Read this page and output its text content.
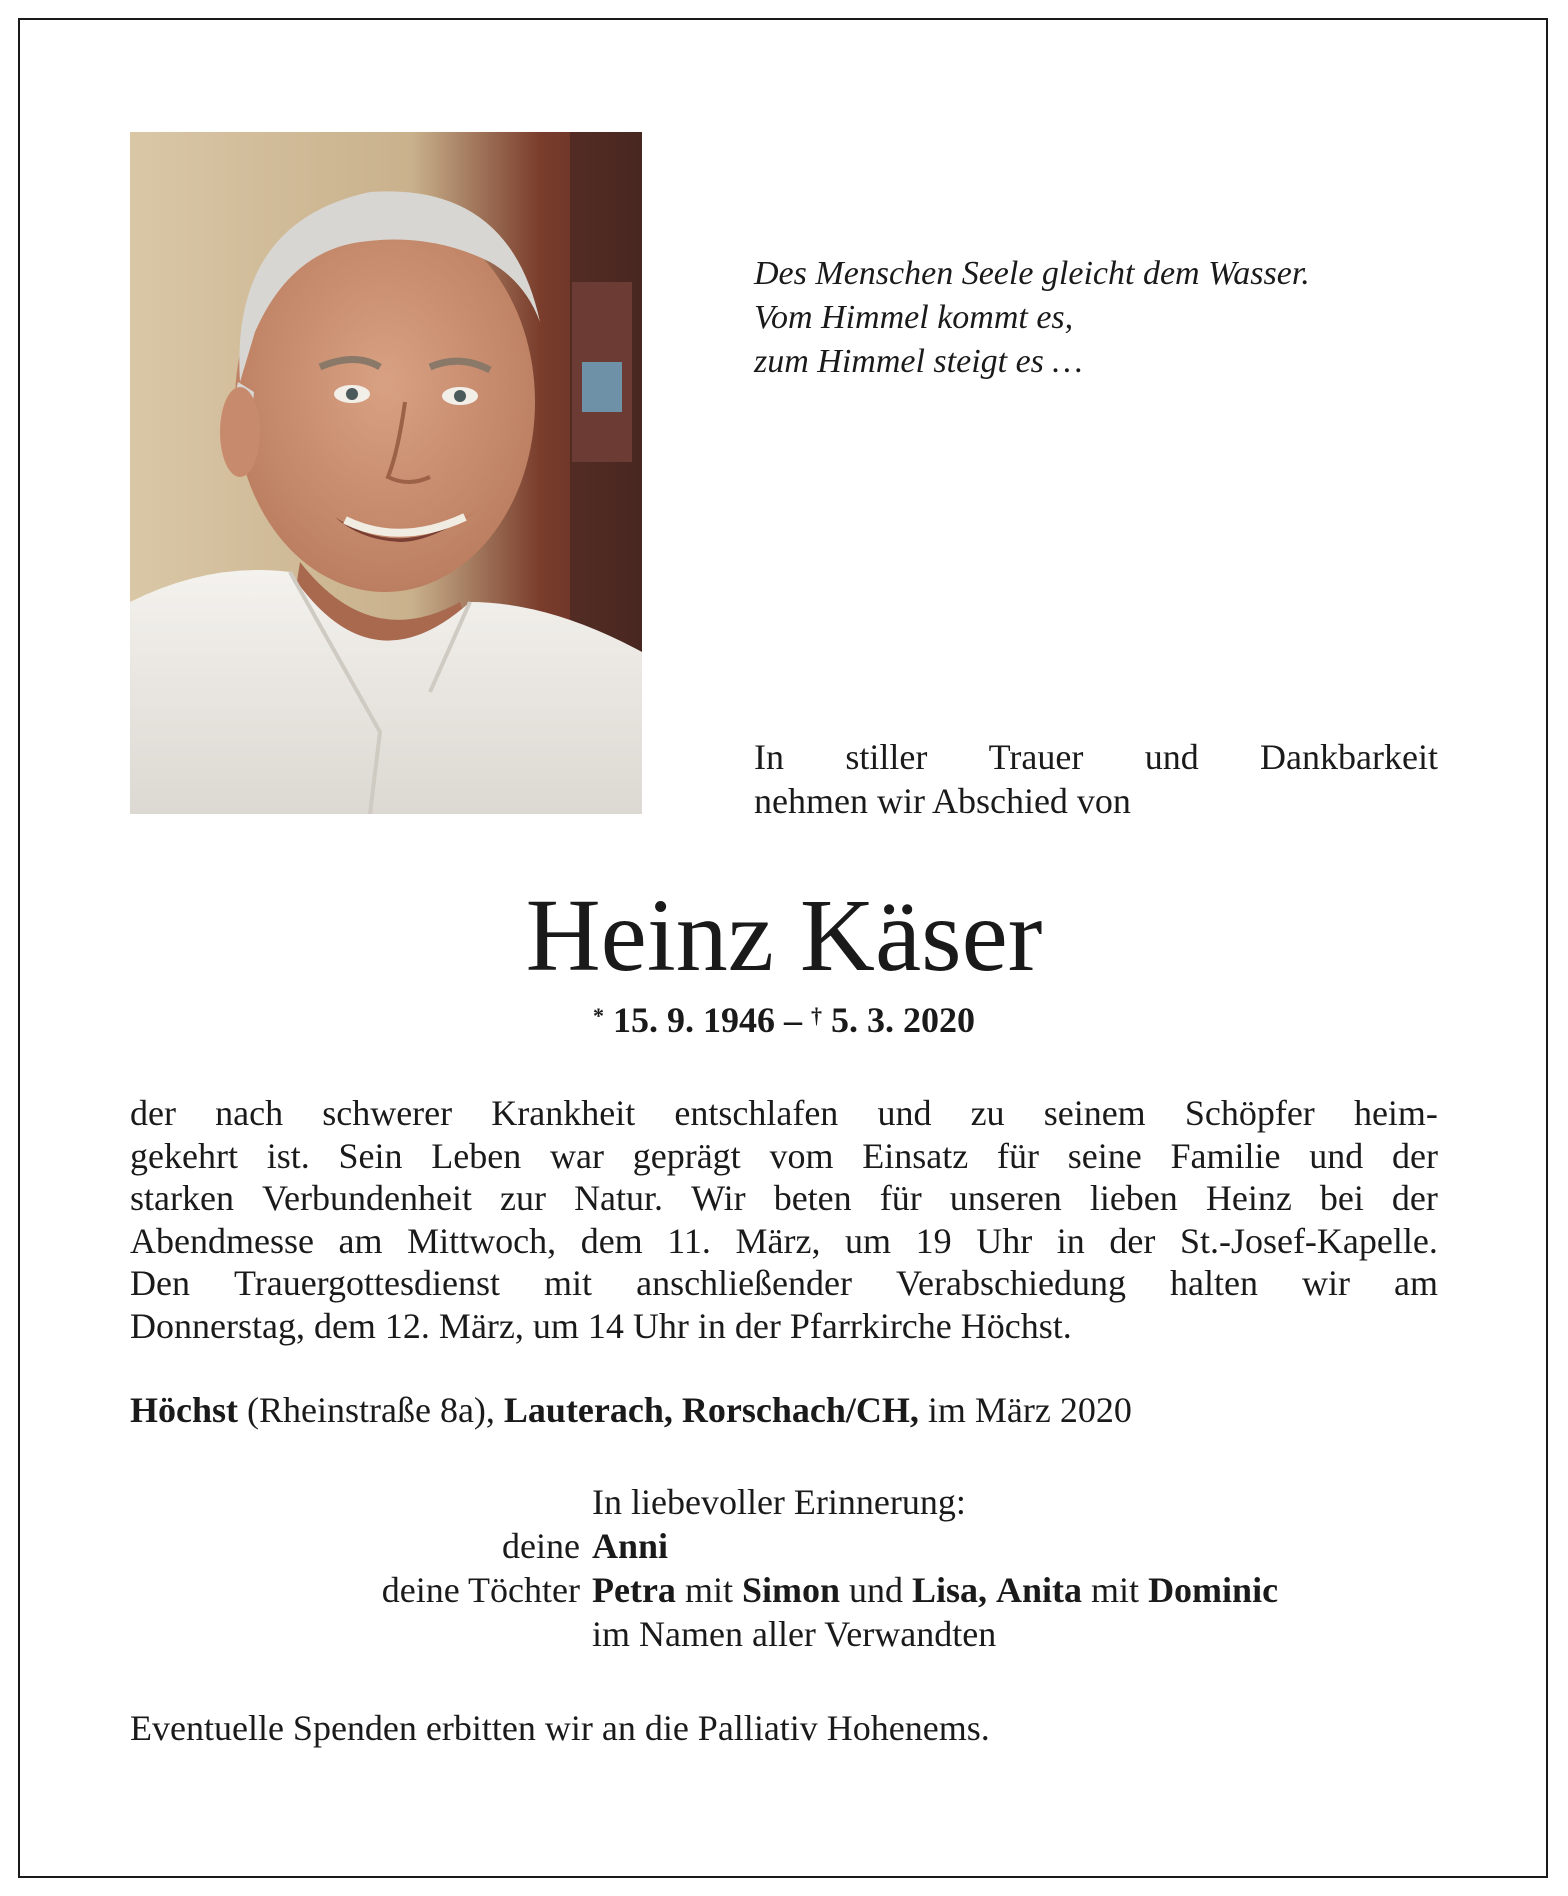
Des Menschen Seele gleicht dem Wasser.
Vom Himmel kommt es,
zum Himmel steigt es …
In stiller Trauer und Dankbarkeit
nehmen wir Abschied von
Heinz Käser
* 15. 9. 1946 – † 5. 3. 2020
der nach schwerer Krankheit entschlafen und zu seinem Schöpfer heim-
gekehrt ist. Sein Leben war geprägt vom Einsatz für seine Familie und der
starken Verbundenheit zur Natur. Wir beten für unseren lieben Heinz bei der
Abendmesse am Mittwoch, dem 11. März, um 19 Uhr in der St.-Josef-Kapelle.
Den Trauergottesdienst mit anschließender Verabschiedung halten wir am
Donnerstag, dem 12. März, um 14 Uhr in der Pfarrkirche Höchst.
Höchst (Rheinstraße 8a), Lauterach, Rorschach/CH, im März 2020
In liebevoller Erinnerung:
deine Anni
deine Töchter Petra mit Simon und Lisa, Anita mit Dominic
im Namen aller Verwandten
Eventuelle Spenden erbitten wir an die Palliativ Hohenems.
